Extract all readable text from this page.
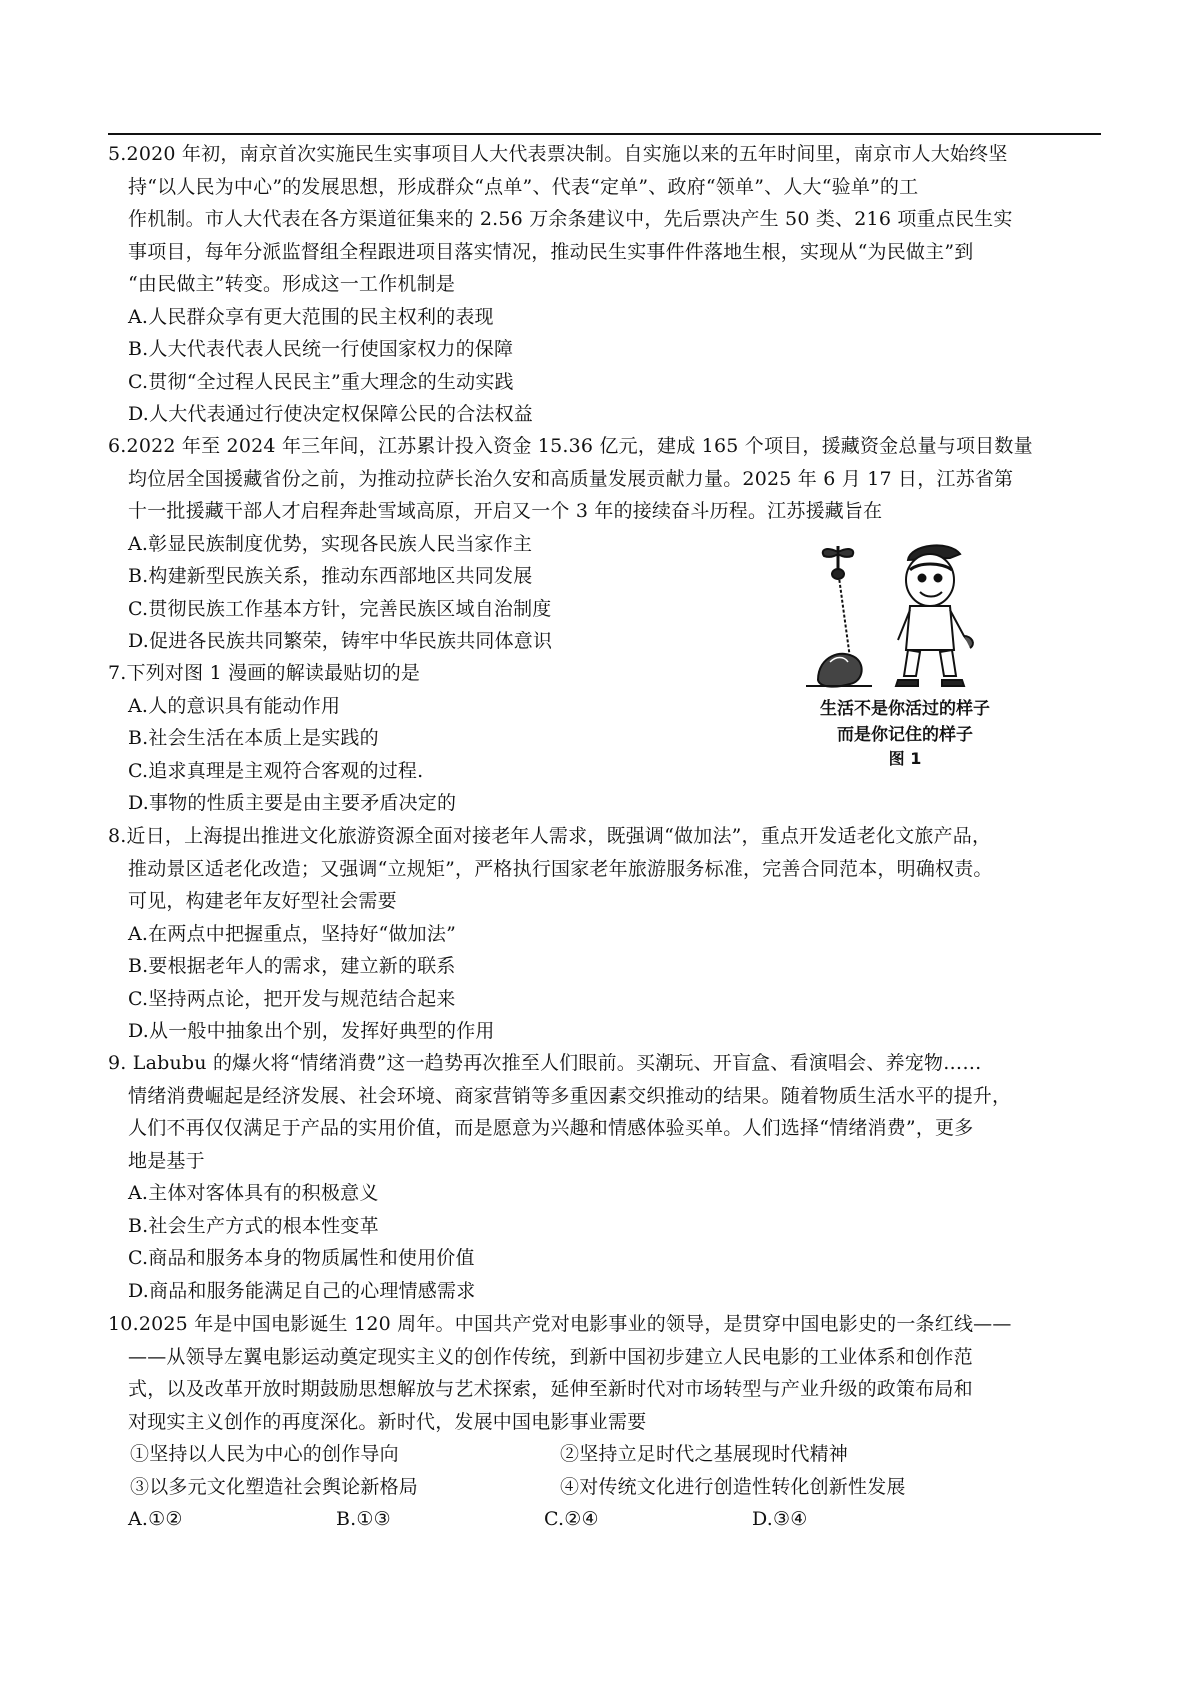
5.2020 年初，南京首次实施民生实事项目人大代表票决制。自实施以来的五年时间里，南京市人大始终坚
持“以人民为中心”的发展思想，形成群众“点单”、代表“定单”、政府“领单”、人大“验单”的工
作机制。市人大代表在各方渠道征集来的 2.56 万余条建议中，先后票决产生 50 类、216 项重点民生实
事项目，每年分派监督组全程跟进项目落实情况，推动民生实事件件落地生根，实现从“为民做主”到
“由民做主”转变。形成这一工作机制是

A.人民群众享有更大范围的民主权利的表现
B.人大代表代表人民统一行使国家权力的保障
C.贯彻“全过程人民民主”重大理念的生动实践
D.人大代表通过行使决定权保障公民的合法权益

6.2022 年至 2024 年三年间，江苏累计投入资金 15.36 亿元，建成 165 个项目，援藏资金总量与项目数量
均位居全国援藏省份之前，为推动拉萨长治久安和高质量发展贡献力量。2025 年 6 月 17 日，江苏省第
十一批援藏干部人才启程奔赴雪域高原，开启又一个 3 年的接续奋斗历程。江苏援藏旨在

A.彰显民族制度优势，实现各民族人民当家作主
B.构建新型民族关系，推动东西部地区共同发展
C.贯彻民族工作基本方针，完善民族区域自治制度
D.促进各民族共同繁荣，铸牢中华民族共同体意识

7.下列对图 1 漫画的解读最贴切的是

A.人的意识具有能动作用
B.社会生活在本质上是实践的
C.追求真理是主观符合客观的过程.
D.事物的性质主要是由主要矛盾决定的
生活不是你活过的样子
而是你记住的样子
图 1

8.近日，上海提出推进文化旅游资源全面对接老年人需求，既强调“做加法”，重点开发适老化文旅产品，
推动景区适老化改造；又强调“立规矩”，严格执行国家老年旅游服务标准，完善合同范本，明确权责。
可见，构建老年友好型社会需要

A.在两点中把握重点，坚持好“做加法”
B.要根据老年人的需求，建立新的联系
C.坚持两点论，把开发与规范结合起来
D.从一般中抽象出个别，发挥好典型的作用

9. Labubu 的爆火将“情绪消费”这一趋势再次推至人们眼前。买潮玩、开盲盒、看演唱会、养宠物……
情绪消费崛起是经济发展、社会环境、商家营销等多重因素交织推动的结果。随着物质生活水平的提升，
人们不再仅仅满足于产品的实用价值，而是愿意为兴趣和情感体验买单。人们选择“情绪消费”，更多
地是基于

A.主体对客体具有的积极意义
B.社会生产方式的根本性变革
C.商品和服务本身的物质属性和使用价值
D.商品和服务能满足自己的心理情感需求

10.2025 年是中国电影诞生 120 周年。中国共产党对电影事业的领导，是贯穿中国电影史的一条红线——
——从领导左翼电影运动奠定现实主义的创作传统，到新中国初步建立人民电影的工业体系和创作范
式，以及改革开放时期鼓励思想解放与艺术探索，延伸至新时代对市场转型与产业升级的政策布局和
对现实主义创作的再度深化。新时代，发展中国电影事业需要

①坚持以人民为中心的创作导向	②坚持立足时代之基展现时代精神
③以多元文化塑造社会舆论新格局	④对传统文化进行创造性转化创新性发展
A.①②	B.①③	C.②④	D.③④
